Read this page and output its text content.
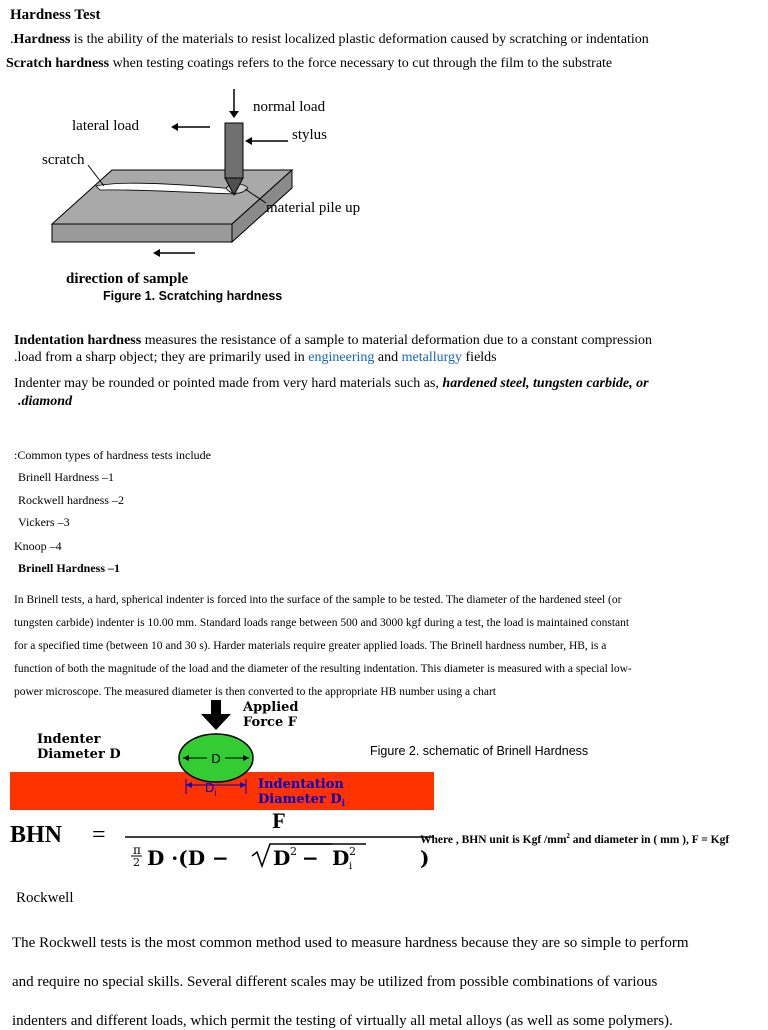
Hardness Test
.Hardness is the ability of the materials to resist localized plastic deformation caused by scratching or indentation
Scratch hardness when testing coatings refers to the force necessary to cut through the film to the substrate
normal load
lateral load
stylus
scratch
material pile up
direction of sample
Figure 1. Scratching hardness
Indentation hardness measures the resistance of a sample to material deformation due to a constant compression
.load from a sharp object; they are primarily used in engineering and metallurgy fields
Indenter may be rounded or pointed made from very hard materials such as, hardened steel, tungsten carbide, or
.diamond
:Common types of hardness tests include
Brinell Hardness –1
Rockwell hardness –2
Vickers –3
Knoop –4
Brinell Hardness –1
In Brinell tests, a hard, spherical indenter is forced into the surface of the sample to be tested. The diameter of the hardened steel (or
tungsten carbide) indenter is 10.00 mm. Standard loads range between 500 and 3000 kgf during a test, the load is maintained constant
for a specified time (between 10 and 30 s). Harder materials require greater applied loads. The Brinell hardness number, HB, is a
function of both the magnitude of the load and the diameter of the resulting indentation. This diameter is measured with a special low-
power microscope. The measured diameter is then converted to the appropriate HB number using a chart
D
$D_i$
Applied
Force F
Indenter
Diameter D
Indentation
Diameter $D_i$
Figure 2. schematic of Brinell Hardness
BHN =
F
π
2 D ·(D − D 2 − D 2
i	)
Where , BHN unit is Kgf $/mm^2$ and diameter in ( mm ), F = Kgf
Rockwell
The Rockwell tests is the most common method used to measure hardness because they are so simple to perform
and require no special skills. Several different scales may be utilized from possible combinations of various
indenters and different loads, which permit the testing of virtually all metal alloys (as well as some polymers).
